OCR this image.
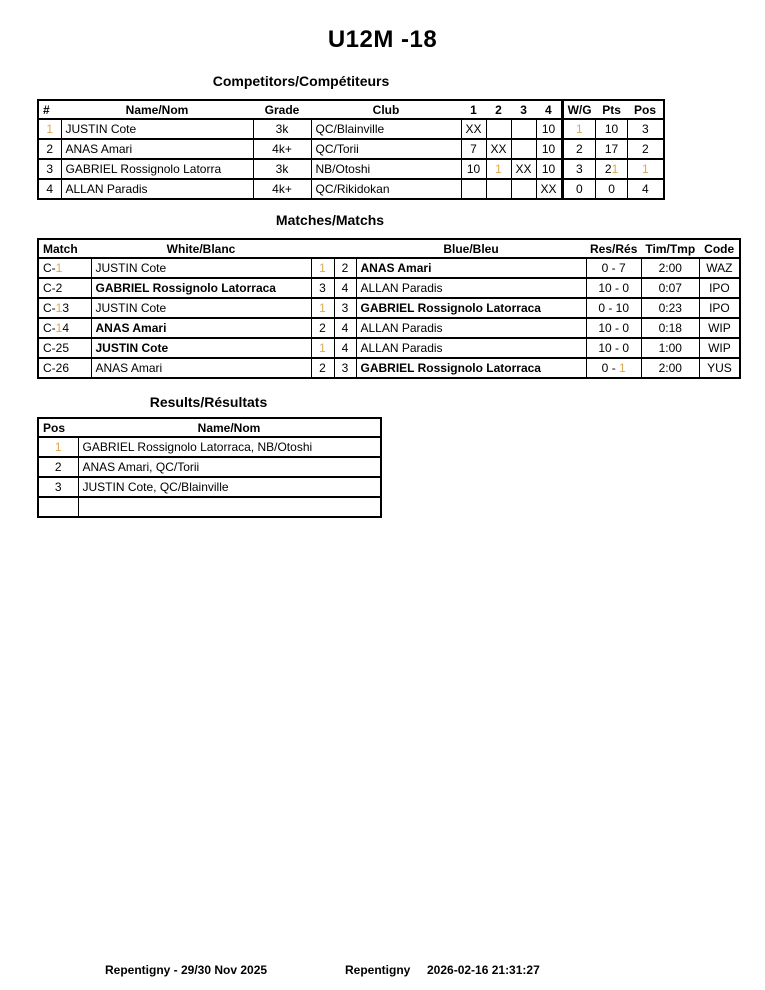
U12M -18
Competitors/Compétiteurs
#	Name/Nom	Grade	Club	1	2	3	4	W/G	Pts	Pos
1	JUSTIN Cote	3k	QC/Blainville	XX			10	1	10	3
2	ANAS Amari	4k+	QC/Torii	7	XX		10	2	17	2
3	GABRIEL Rossignolo Latorra	3k	NB/Otoshi	10	1	XX	10	3	21	1
4	ALLAN Paradis	4k+	QC/Rikidokan				XX	0	0	4
Matches/Matchs
Match	White/Blanc			Blue/Bleu	Res/Rés	Tim/Tmp	Code
C-1	JUSTIN Cote	1	2	ANAS Amari	0 - 7	2:00	WAZ
C-2	GABRIEL Rossignolo Latorraca	3	4	ALLAN Paradis	10 - 0	0:07	IPO
C-13	JUSTIN Cote	1	3	GABRIEL Rossignolo Latorraca	0 - 10	0:23	IPO
C-14	ANAS Amari	2	4	ALLAN Paradis	10 - 0	0:18	WIP
C-25	JUSTIN Cote	1	4	ALLAN Paradis	10 - 0	1:00	WIP
C-26	ANAS Amari	2	3	GABRIEL Rossignolo Latorraca	0 - 1	2:00	YUS
Results/Résultats
Pos	Name/Nom
1	GABRIEL Rossignolo Latorraca, NB/Otoshi
2	ANAS Amari, QC/Torii
3	JUSTIN Cote, QC/Blainville

Repentigny - 29/30 Nov 2025	Repentigny 2026-02-16 21:31:27
